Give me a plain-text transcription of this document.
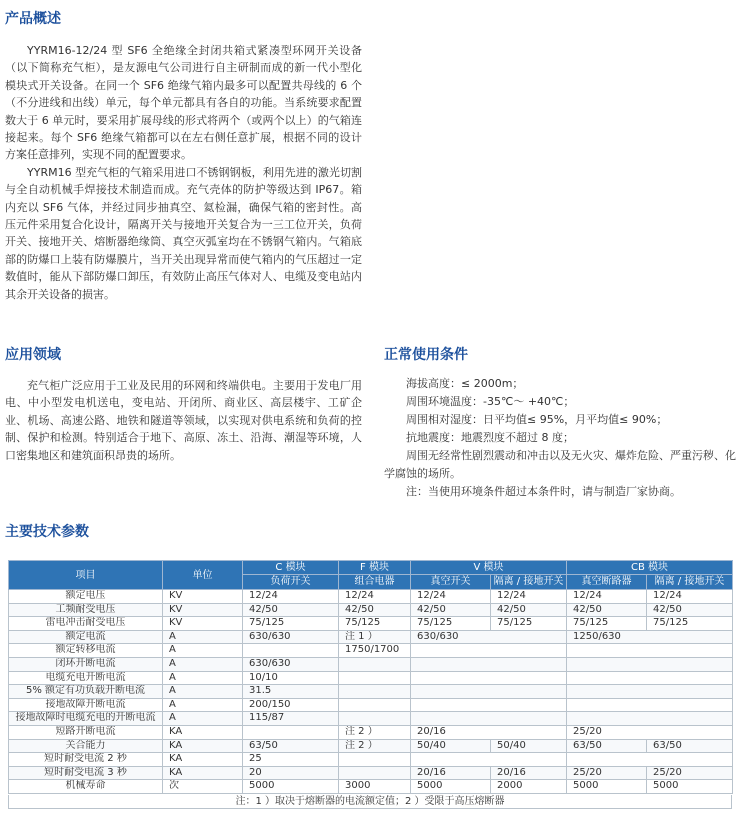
产品概述

YYRM16-12/24 型 SF6 全绝缘全封闭共箱式紧凑型环网开关设备（以下简称充气柜），是友源电气公司进行自主研制而成的新一代小型化模块式开关设备。在同一个 SF6 绝缘气箱内最多可以配置共母线的 6 个（不分进线和出线）单元，每个单元都具有各自的功能。当系统要求配置数大于 6 单元时，要采用扩展母线的形式将两个（或两个以上）的气箱连接起来。每个 SF6 绝缘气箱都可以在左右侧任意扩展，根据不同的设计方案任意排列，实现不同的配置要求。

YYRM16 型充气柜的气箱采用进口不锈钢钢板，利用先进的激光切割与全自动机械手焊接技术制造而成。充气壳体的防护等级达到 IP67。箱内充以 SF6 气体，并经过同步抽真空、氦检漏，确保气箱的密封性。高压元件采用复合化设计，隔离开关与接地开关复合为一三工位开关，负荷开关、接地开关、熔断器绝缘筒、真空灭弧室均在不锈钢气箱内。气箱底部的防爆口上装有防爆膜片，当开关出现异常而使气箱内的气压超过一定数值时，能从下部防爆口卸压，有效防止高压气体对人、电缆及变电站内其余开关设备的损害。

应用领域
充气柜广泛应用于工业及民用的环网和终端供电。主要用于发电厂用电、中小型发电机送电，变电站、开闭所、商业区、高层楼宇、工矿企业、机场、高速公路、地铁和隧道等领域，以实现对供电系统和负荷的控制、保护和检测。特别适合于地下、高原、冻土、沿海、潮湿等环境，人口密集地区和建筑面积昂贵的场所。
正常使用条件
海拔高度：≤ 2000m；
周围环境温度：-35℃～ +40℃；
周围相对湿度：日平均值≤ 95%，月平均值≤ 90%；
抗地震度：地震烈度不超过 8 度；
周围无经常性剧烈震动和冲击以及无火灾、爆炸危险、严重污秽、化学腐蚀的场所。
注：当使用环境条件超过本条件时，请与制造厂家协商。
主要技术参数
项目	单位	C 模块	F 模块	V 模块		CB 模块	
		负荷开关	组合电器	真空开关	隔离 / 接地开关	真空断路器	隔离 / 接地开关
额定电压	KV	12/24	12/24	12/24	12/24	12/24	12/24
工频耐受电压	KV	42/50	42/50	42/50	42/50	42/50	42/50
雷电冲击耐受电压	KV	75/125	75/125	75/125	75/125	75/125	75/125
额定电流	A	630/630	注 1 ）	630/630		1250/630	
额定转移电流	A		1750/1700				
闭环开断电流	A	630/630					
电缆充电开断电流	A	10/10					
5% 额定有功负载开断电流	A	31.5					
接地故障开断电流	A	200/150					
接地故障时电缆充电的开断电流	A	115/87					
短路开断电流	KA		注 2 ）	20/16		25/20	
关合能力	KA	63/50	注 2 ）	50/40	50/40	63/50	63/50
短时耐受电流 2 秒	KA	25					
短时耐受电流 3 秒	KA	20		20/16	20/16	25/20	25/20
机械寿命	次	5000	3000	5000	2000	5000	5000
注：1 ）取决于熔断器的电流额定值；2 ）受限于高压熔断器
